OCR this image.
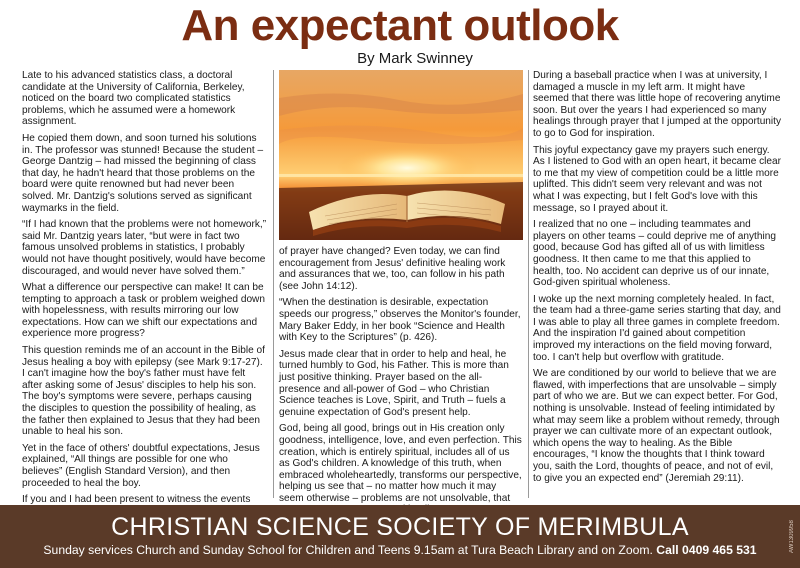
An expectant outlook
By Mark Swinney

Late to his advanced statistics class, a doctoral candidate at the University of California, Berkeley, noticed on the board two complicated statistics problems, which he assumed were a homework assignment.

He copied them down, and soon turned his solutions in. The professor was stunned! Because the student – George Dantzig – had missed the beginning of class that day, he hadn't heard that those problems on the board were quite renowned but had never been solved. Mr. Dantzig's solutions served as significant waymarks in the field.

“If I had known that the problems were not homework,” said Mr. Dantzig years later, “but were in fact two famous unsolved problems in statistics, I probably would not have thought positively, would have become discouraged, and would never have solved them.”

What a difference our perspective can make! It can be tempting to approach a task or problem weighed down with hopelessness, with results mirroring our low expectations. How can we shift our expectations and experience more progress?

This question reminds me of an account in the Bible of Jesus healing a boy with epilepsy (see Mark 9:17-27). I can't imagine how the boy's father must have felt after asking some of Jesus' disciples to help his son. The boy's symptoms were severe, perhaps causing the disciples to question the possibility of healing, as the father then explained to Jesus that they had been unable to heal his son.

Yet in the face of others' doubtful expectations, Jesus explained, “All things are possible for one who believes” (English Standard Version), and then proceeded to heal the boy.

If you and I had been present to witness the events

of prayer have changed? Even today, we can find encouragement from Jesus' definitive healing work and assurances that we, too, can follow in his path (see John 14:12).

“When the destination is desirable, expectation speeds our progress,” observes the Monitor's founder, Mary Baker Eddy, in her book “Science and Health with Key to the Scriptures” (p. 426).

Jesus made clear that in order to help and heal, he turned humbly to God, his Father. This is more than just positive thinking. Prayer based on the all-presence and all-power of God – who Christian Science teaches is Love, Spirit, and Truth – fuels a genuine expectation of God's present help.

God, being all good, brings out in His creation only goodness, intelligence, love, and even perfection. This creation, which is entirely spiritual, includes all of us as God's children. A knowledge of this truth, when embraced wholeheartedly, transforms our perspective, helping us see that – no matter how much it may seem otherwise – problems are not unsolvable, that

During a baseball practice when I was at university, I damaged a muscle in my left arm. It might have seemed that there was little hope of recovering anytime soon. But over the years I had experienced so many healings through prayer that I jumped at the opportunity to go to God for inspiration.

This joyful expectancy gave my prayers such energy. As I listened to God with an open heart, it became clear to me that my view of competition could be a little more uplifted. This didn't seem very relevant and was not what I was expecting, but I felt God's love with this message, so I prayed about it.

I realized that no one – including teammates and players on other teams – could deprive me of anything good, because God has gifted all of us with limitless goodness. It then came to me that this applied to health, too. No accident can deprive us of our innate, God-given spiritual wholeness.

I woke up the next morning completely healed. In fact, the team had a three-game series starting that day, and I was able to play all three games in complete freedom. And the inspiration I'd gained about competition improved my interactions on the field moving forward, too. I can't help but overflow with gratitude.

We are conditioned by our world to believe that we are flawed, with imperfections that are unsolvable – simply part of who we are. But we can expect better. For God, nothing is unsolvable. Instead of feeling intimidated by what may seem like a problem without remedy, through prayer we can cultivate more of an expectant outlook, which opens the way to healing. As the Bible encourages, “I know the thoughts that I think toward you, saith the Lord, thoughts of peace, and not of evil, to give you an expected end” (Jeremiah 29:11).

CHRISTIAN SCIENCE SOCIETY OF MERIMBULA
Sunday services Church and Sunday School for Children and Teens 9.15am at Tura Beach Library and on Zoom. Call 0409 465 531	AW1309958
